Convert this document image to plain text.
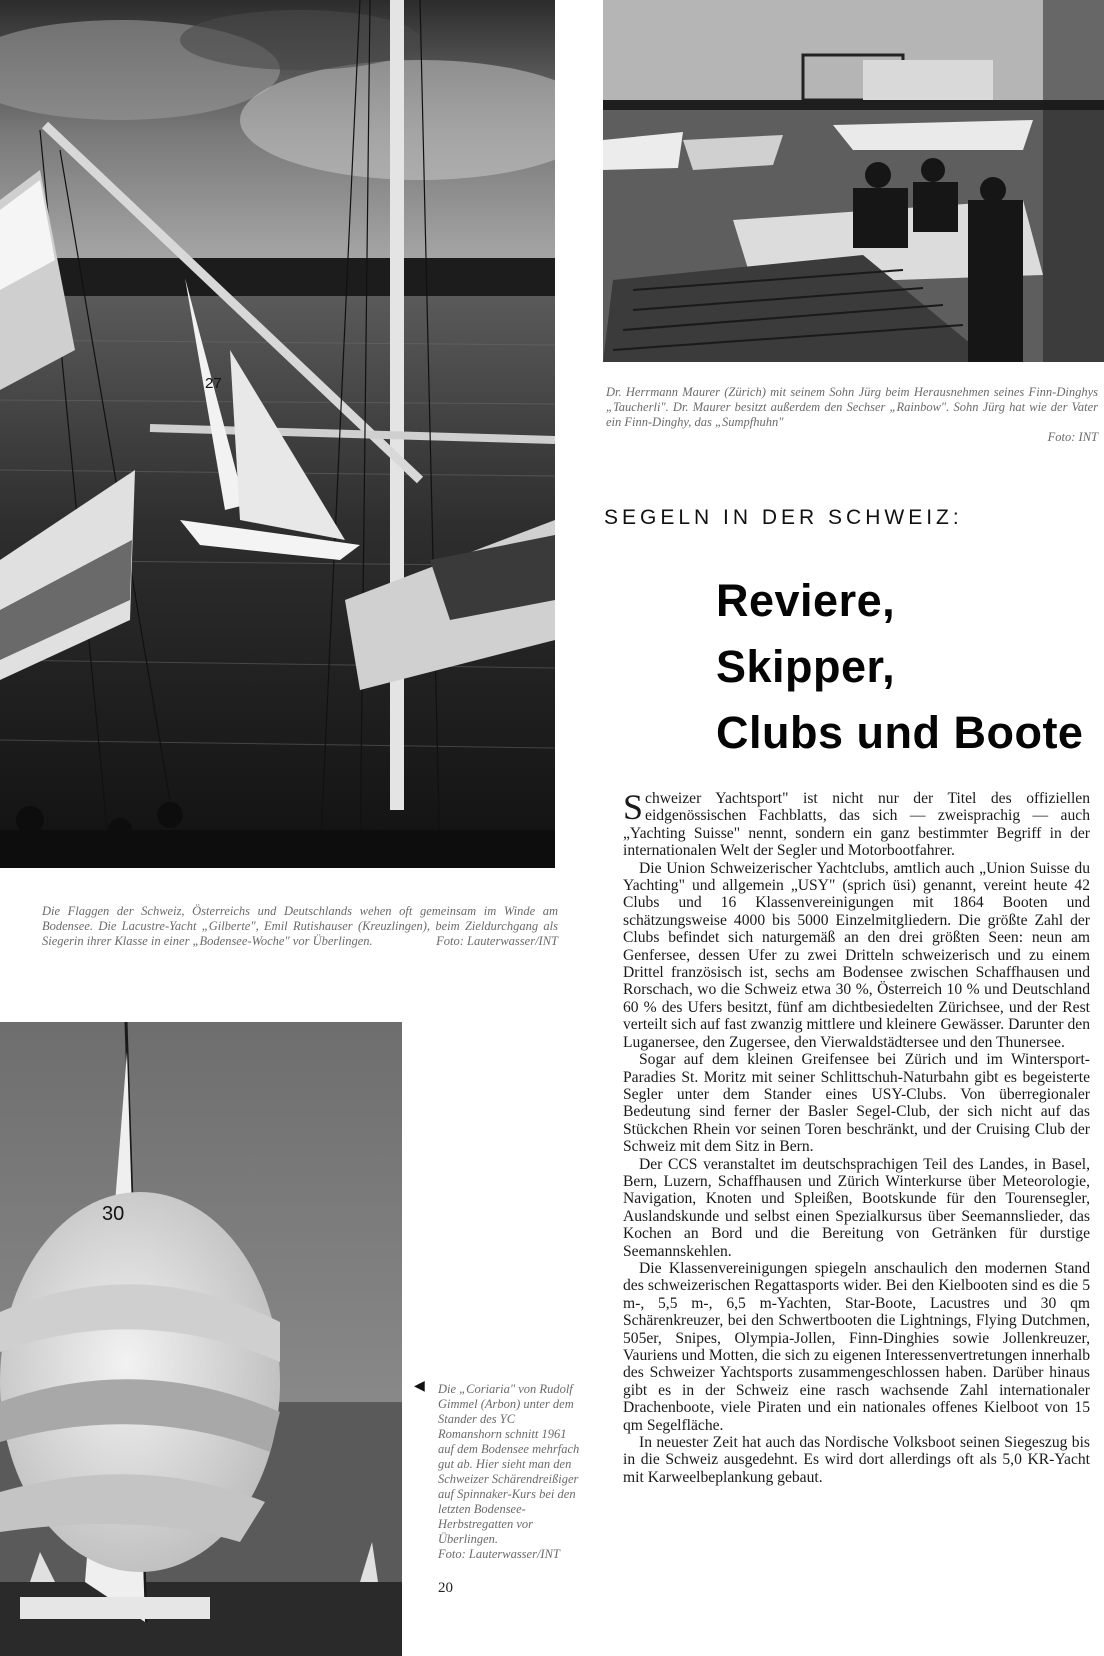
27	Dr. Herrmann Maurer (Zürich) mit seinem Sohn Jürg beim Herausnehmen seines Finn-Dinghys „Taucherli". Dr. Maurer besitzt außerdem den Sechser „Rainbow". Sohn Jürg hat wie der Vater ein Finn-Dinghy, das „Sumpfhuhn"
Foto: INT
SEGELN IN DER SCHWEIZ:
Reviere,
Skipper,
Clubs und Boote
Die Flaggen der Schweiz, Österreichs und Deutschlands wehen oft gemeinsam im Winde am Bodensee. Die Lacustre-Yacht „Gilberte", Emil Rutishauser (Kreuzlingen), beim Zieldurchgang als Siegerin ihrer Klasse in einer „Bodensee-Woche" vor Überlingen.	Foto: Lauterwasser/INT
30
◀ Die „Coriaria" von Rudolf Gimmel (Arbon) unter dem Stander des YC Romanshorn schnitt 1961 auf dem Bodensee mehrfach gut ab. Hier sieht man den Schweizer Schärendreißiger auf Spinnaker-Kurs bei den letzten Bodensee-Herbstregatten vor Überlingen.
Foto: Lauterwasser/INT
20

Schweizer Yachtsport" ist nicht nur der Titel des offiziellen eidgenössischen Fachblatts, das sich — zweisprachig — auch „Yachting Suisse" nennt, sondern ein ganz bestimmter Begriff in der internationalen Welt der Segler und Motorbootfahrer.

Die Union Schweizerischer Yachtclubs, amtlich auch „Union Suisse du Yachting" und allgemein „USY" (sprich üsi) genannt, vereint heute 42 Clubs und 16 Klassenvereinigungen mit 1864 Booten und schätzungsweise 4000 bis 5000 Einzelmitgliedern. Die größte Zahl der Clubs befindet sich naturgemäß an den drei größten Seen: neun am Genfersee, dessen Ufer zu zwei Dritteln schweizerisch und zu einem Drittel französisch ist, sechs am Bodensee zwischen Schaffhausen und Rorschach, wo die Schweiz etwa 30 %, Österreich 10 % und Deutschland 60 % des Ufers besitzt, fünf am dichtbesiedelten Zürichsee, und der Rest verteilt sich auf fast zwanzig mittlere und kleinere Gewässer. Darunter den Luganersee, den Zugersee, den Vierwaldstädtersee und den Thunersee.

Sogar auf dem kleinen Greifensee bei Zürich und im Wintersport-Paradies St. Moritz mit seiner Schlittschuh-Naturbahn gibt es begeisterte Segler unter dem Stander eines USY-Clubs. Von überregionaler Bedeutung sind ferner der Basler Segel-Club, der sich nicht auf das Stückchen Rhein vor seinen Toren beschränkt, und der Cruising Club der Schweiz mit dem Sitz in Bern.

Der CCS veranstaltet im deutschsprachigen Teil des Landes, in Basel, Bern, Luzern, Schaffhausen und Zürich Winterkurse über Meteorologie, Navigation, Knoten und Spleißen, Bootskunde für den Tourensegler, Auslandskunde und selbst einen Spezialkursus über Seemannslieder, das Kochen an Bord und die Bereitung von Getränken für durstige Seemannskehlen.

Die Klassenvereinigungen spiegeln anschaulich den modernen Stand des schweizerischen Regattasports wider. Bei den Kielbooten sind es die 5 m-, 5,5 m-, 6,5 m-Yachten, Star-Boote, Lacustres und 30 qm Schärenkreuzer, bei den Schwertbooten die Lightnings, Flying Dutchmen, 505er, Snipes, Olympia-Jollen, Finn-Dinghies sowie Jollenkreuzer, Vauriens und Motten, die sich zu eigenen Interessenvertretungen innerhalb des Schweizer Yachtsports zusammengeschlossen haben. Darüber hinaus gibt es in der Schweiz eine rasch wachsende Zahl internationaler Drachenboote, viele Piraten und ein nationales offenes Kielboot von 15 qm Segelfläche.

In neuester Zeit hat auch das Nordische Volksboot seinen Siegeszug bis in die Schweiz ausgedehnt. Es wird dort allerdings oft als 5,0 KR-Yacht mit Karweelbeplankung gebaut.
